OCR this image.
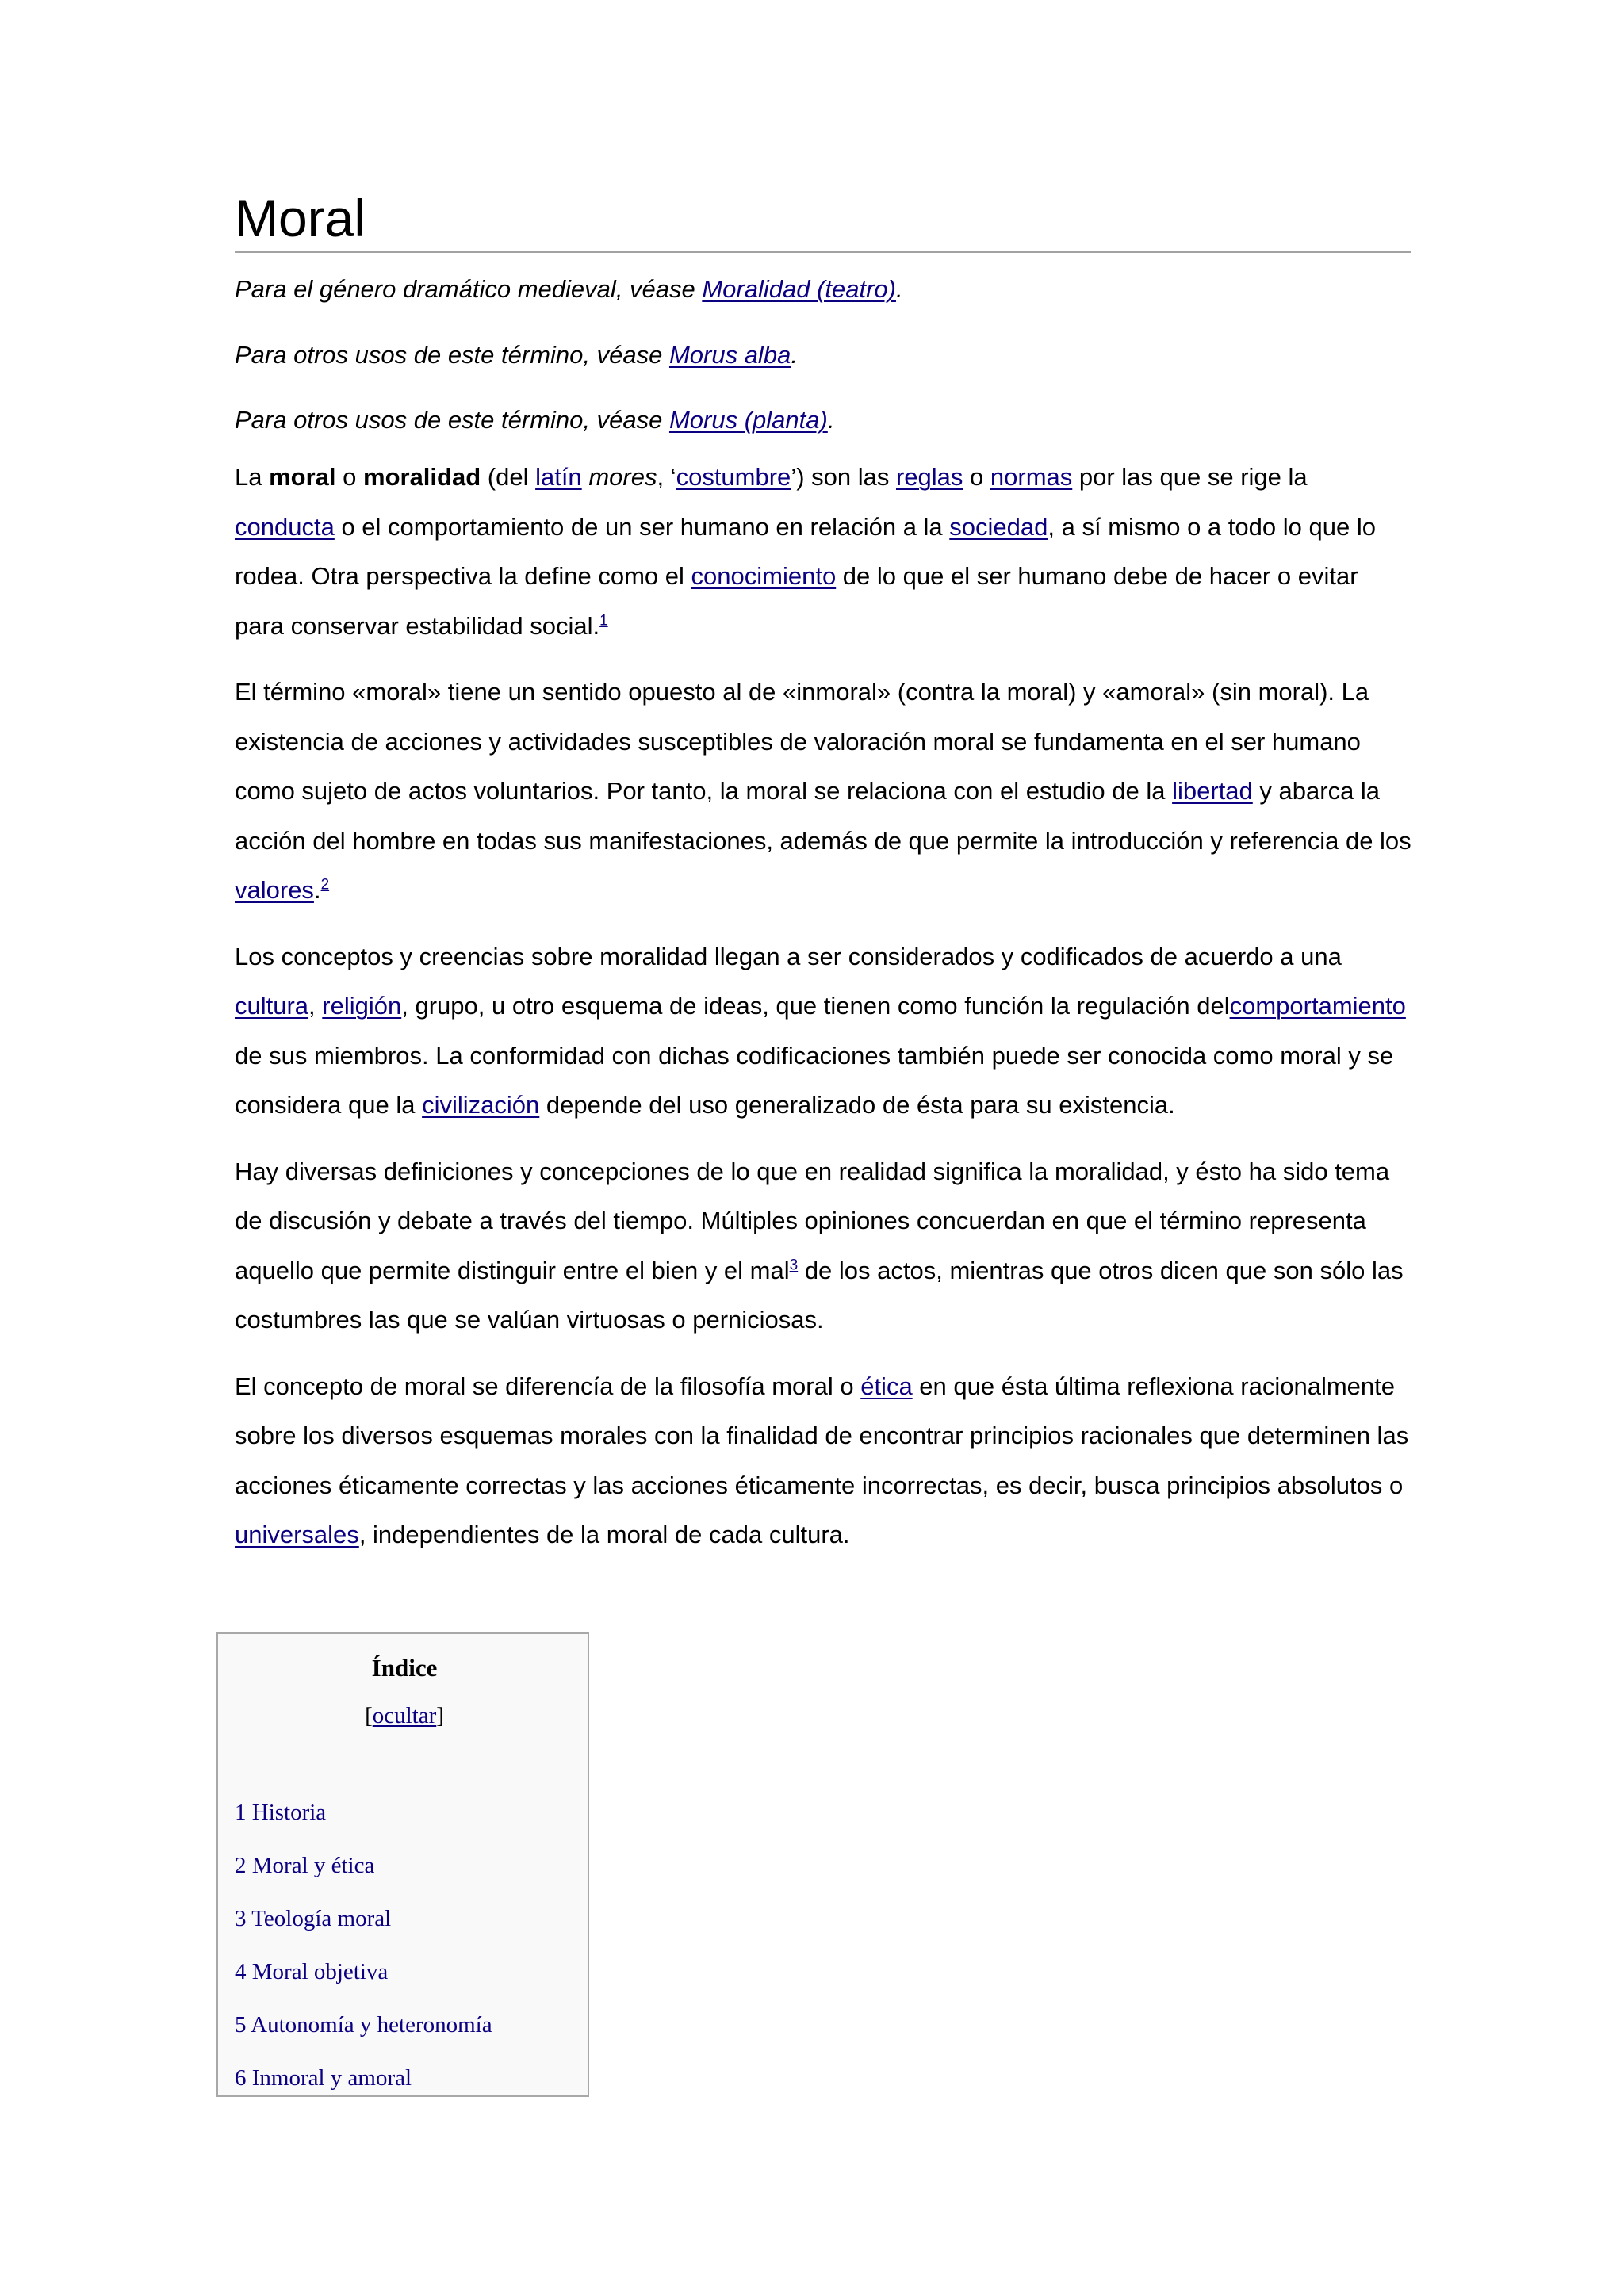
Moral

Para el género dramático medieval, véase Moralidad (teatro).

Para otros usos de este término, véase Morus alba.

Para otros usos de este término, véase Morus (planta).

La moral o moralidad (del latín mores, ‘costumbre’) son las reglas o normas por las que se rige la conducta o el comportamiento de un ser humano en relación a la sociedad, a sí mismo o a todo lo que lo rodea. Otra perspectiva la define como el conocimiento de lo que el ser humano debe de hacer o evitar para conservar estabilidad social.$^1$

El término «moral» tiene un sentido opuesto al de «inmoral» (contra la moral) y «amoral» (sin moral). La existencia de acciones y actividades susceptibles de valoración moral se fundamenta en el ser humano como sujeto de actos voluntarios. Por tanto, la moral se relaciona con el estudio de la libertad y abarca la acción del hombre en todas sus manifestaciones, además de que permite la introducción y referencia de los valores.$^2$

Los conceptos y creencias sobre moralidad llegan a ser considerados y codificados de acuerdo a una cultura, religión, grupo, u otro esquema de ideas, que tienen como función la regulación delcomportamiento de sus miembros. La conformidad con dichas codificaciones también puede ser conocida como moral y se considera que la civilización depende del uso generalizado de ésta para su existencia.

Hay diversas definiciones y concepciones de lo que en realidad significa la moralidad, y ésto ha sido tema de discusión y debate a través del tiempo. Múltiples opiniones concuerdan en que el término representa aquello que permite distinguir entre el bien y el mal$^3$ de los actos, mientras que otros dicen que son sólo las costumbres las que se valúan virtuosas o perniciosas.

El concepto de moral se diferencía de la filosofía moral o ética en que ésta última reflexiona racionalmente sobre los diversos esquemas morales con la finalidad de encontrar principios racionales que determinen las acciones éticamente correctas y las acciones éticamente incorrectas, es decir, busca principios absolutos o universales, independientes de la moral de cada cultura.

Índice
[ocultar]
1 Historia
2 Moral y ética
3 Teología moral
4 Moral objetiva
5 Autonomía y heteronomía
6 Inmoral y amoral
